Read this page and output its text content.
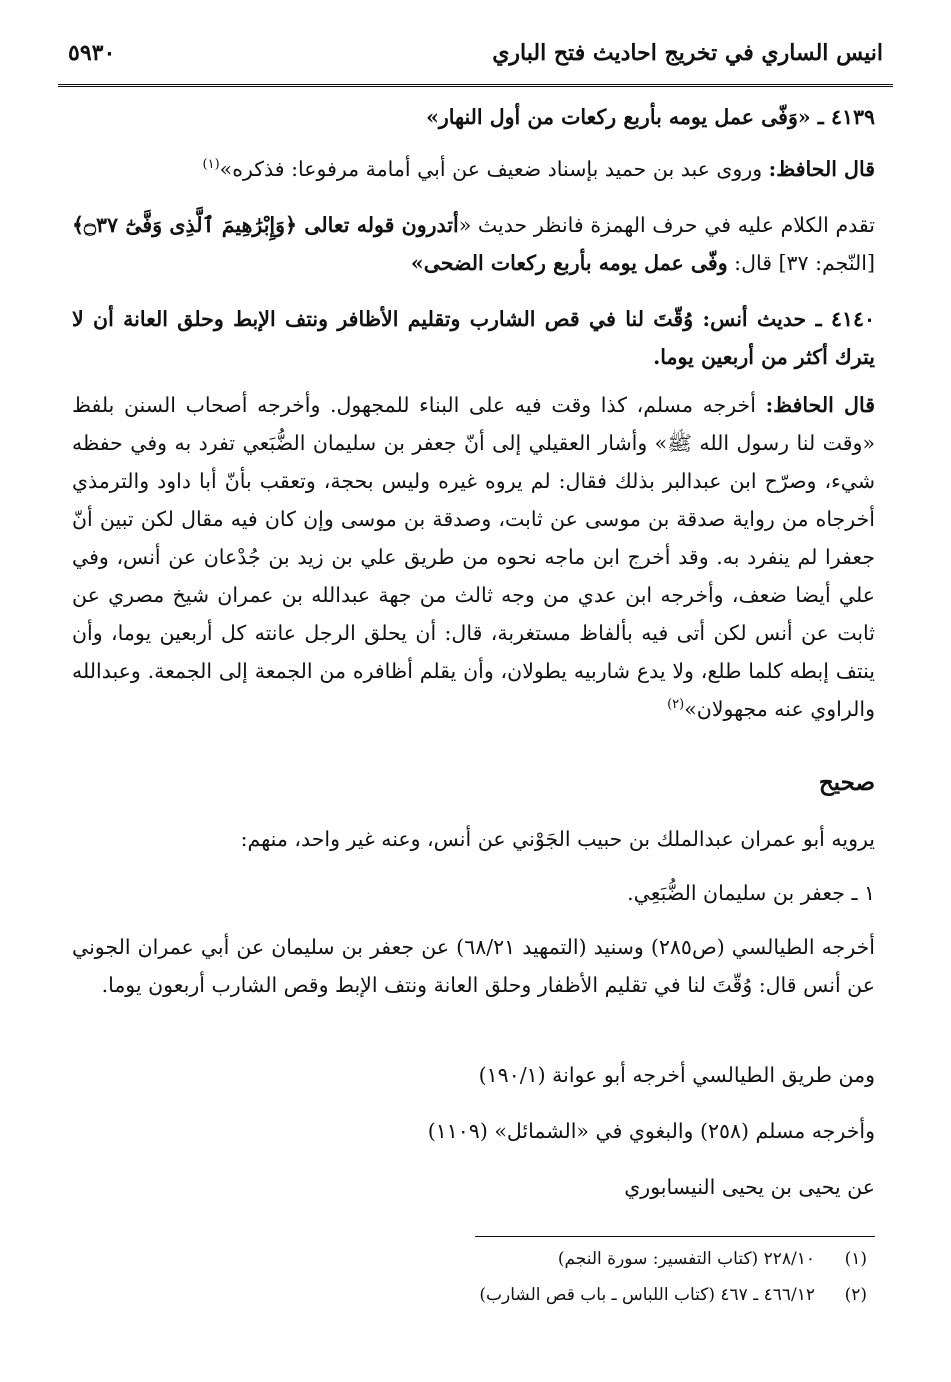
انيس الساري في تخريج احاديث فتح الباري
٥٩٣٠
٤١٣٩ ـ «وَفّى عمل يومه بأربع ركعات من أول النهار»
قال الحافظ: وروى عبد بن حميد بإسناد ضعيف عن أبي أمامة مرفوعا: فذكره»$^{(١)}$
تقدم الكلام عليه في حرف الهمزة فانظر حديث «أتدرون قوله تعالى ﴿وَإِبْرَٰهِيمَ ٱلَّذِى وَفَّىٰٓ ۝٣٧﴾ [النّجم: ٣٧] قال: وفّى عمل يومه بأربع ركعات الضحى»
٤١٤٠ ـ حديث أنس: وُقّتَ لنا في قص الشارب وتقليم الأظافر ونتف الإبط وحلق العانة أن لا يترك أكثر من أربعين يوما.
قال الحافظ: أخرجه مسلم، كذا وقت فيه على البناء للمجهول. وأخرجه أصحاب السنن بلفظ «وقت لنا رسول الله ﷺ» وأشار العقيلي إلى أنّ جعفر بن سليمان الضُّبَعي تفرد به وفي حفظه شيء، وصرّح ابن عبدالبر بذلك فقال: لم يروه غيره وليس بحجة، وتعقب بأنّ أبا داود والترمذي أخرجاه من رواية صدقة بن موسى عن ثابت، وصدقة بن موسى وإن كان فيه مقال لكن تبين أنّ جعفرا لم ينفرد به. وقد أخرج ابن ماجه نحوه من طريق علي بن زيد بن جُدْعان عن أنس، وفي علي أيضا ضعف، وأخرجه ابن عدي من وجه ثالث من جهة عبدالله بن عمران شيخ مصري عن ثابت عن أنس لكن أتى فيه بألفاظ مستغربة، قال: أن يحلق الرجل عانته كل أربعين يوما، وأن ينتف إبطه كلما طلع، ولا يدع شاربيه يطولان، وأن يقلم أظافره من الجمعة إلى الجمعة. وعبدالله والراوي عنه مجهولان»$^{(٢)}$
صحيح
يرويه أبو عمران عبدالملك بن حبيب الجَوْني عن أنس، وعنه غير واحد، منهم:
١ ـ جعفر بن سليمان الضُّبَعِي.
أخرجه الطيالسي (ص٢٨٥) وسنيد (التمهيد ٦٨/٢١) عن جعفر بن سليمان عن أبي عمران الجوني عن أنس قال: وُقّتَ لنا في تقليم الأظفار وحلق العانة ونتف الإبط وقص الشارب أربعون يوما.
ومن طريق الطيالسي أخرجه أبو عوانة (١٩٠/١)
وأخرجه مسلم (٢٥٨) والبغوي في «الشمائل» (١١٠٩)
عن يحيى بن يحيى النيسابوري
(١)٢٢٨/١٠ (كتاب التفسير: سورة النجم)
(٢)٤٦٦/١٢ ـ ٤٦٧ (كتاب اللباس ـ باب قص الشارب)
